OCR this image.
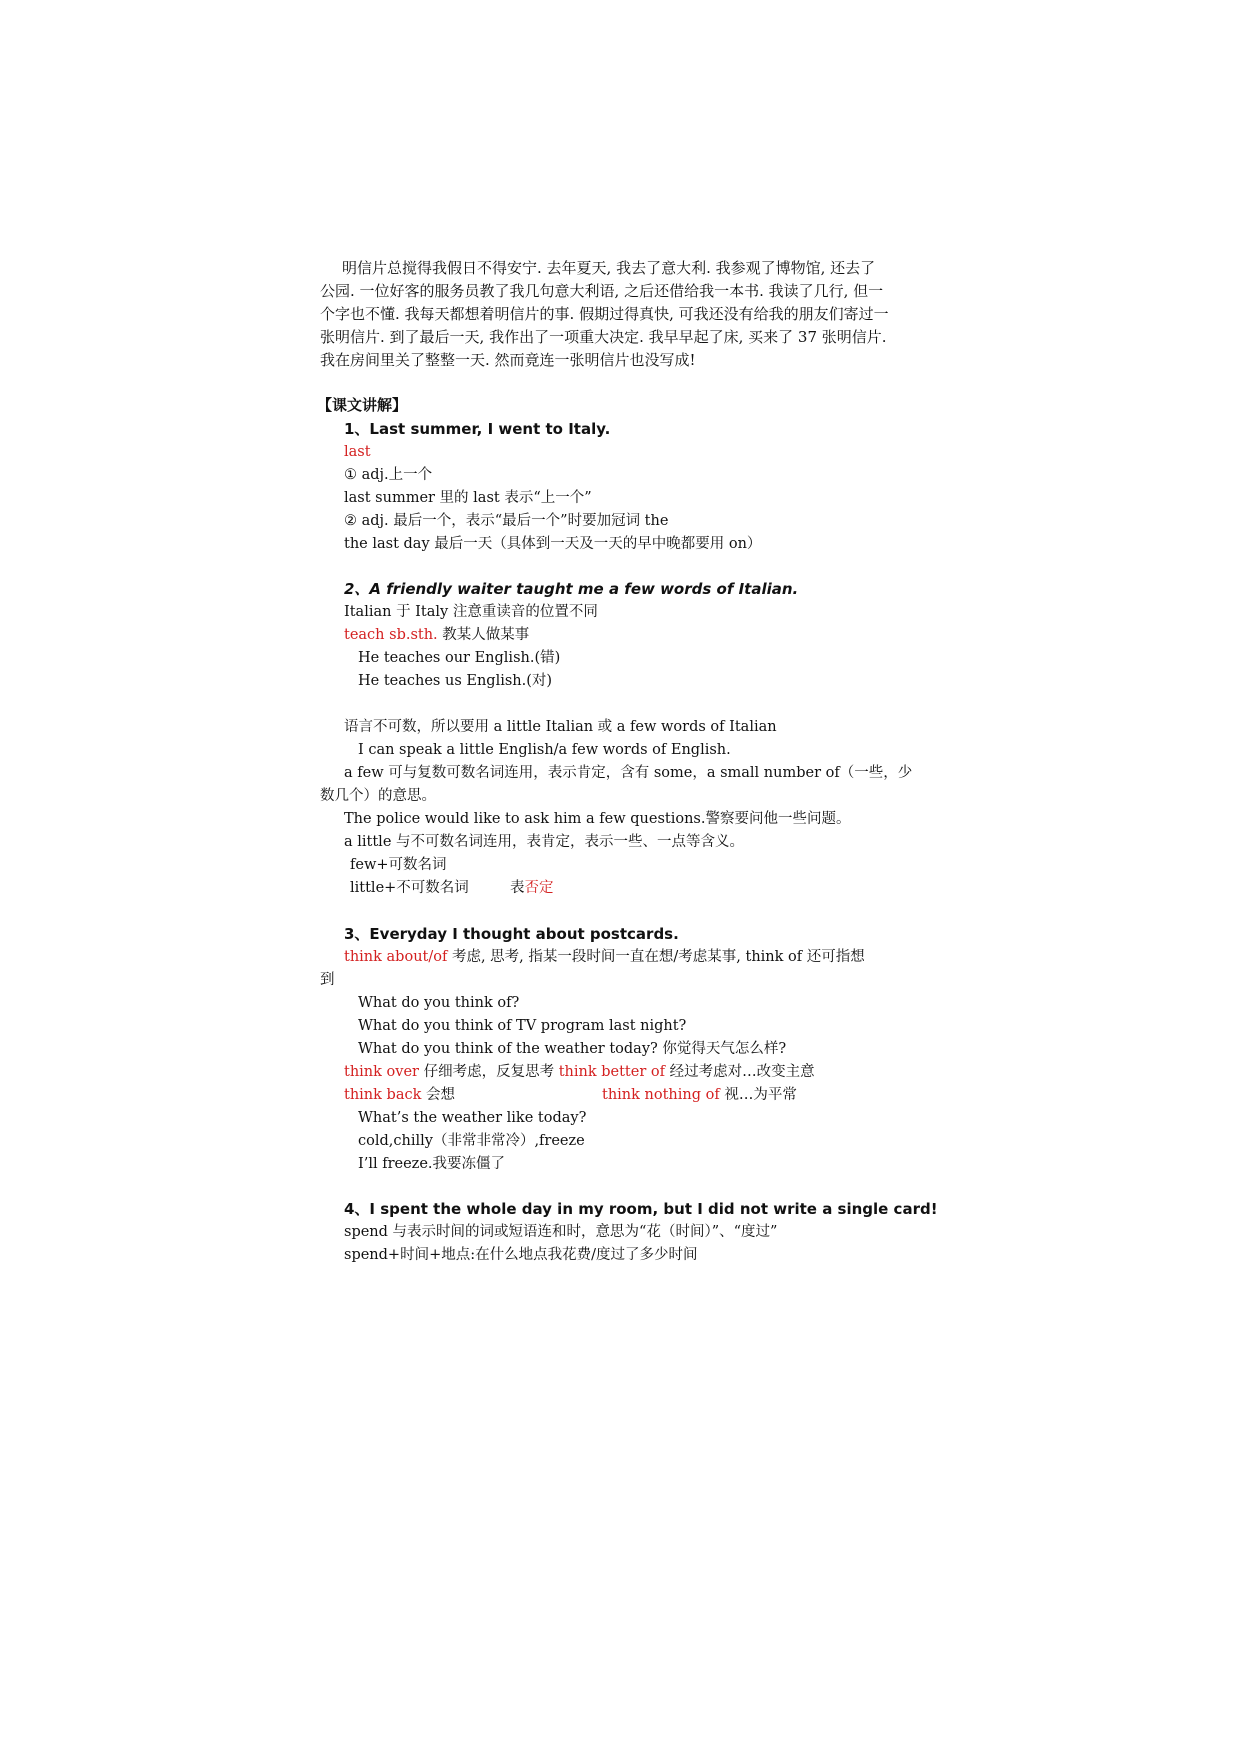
明信片总搅得我假日不得安宁. 去年夏天, 我去了意大利. 我参观了博物馆, 还去了

公园. 一位好客的服务员教了我几句意大利语, 之后还借给我一本书. 我读了几行, 但一

个字也不懂. 我每天都想着明信片的事. 假期过得真快, 可我还没有给我的朋友们寄过一

张明信片. 到了最后一天, 我作出了一项重大决定. 我早早起了床, 买来了 37 张明信片.

我在房间里关了整整一天. 然而竟连一张明信片也没写成!

【课文讲解】
1、Last summer, I went to Italy.
last
① adj.上一个
last summer 里的 last 表示“上一个”
② adj. 最后一个，表示“最后一个”时要加冠词 the
the last day 最后一天（具体到一天及一天的早中晚都要用 on）
2、A friendly waiter taught me a few words of Italian.
Italian 于 Italy 注意重读音的位置不同
teach sb.sth. 教某人做某事
He teaches our English.(错)
He teaches us English.(对)
语言不可数，所以要用 a little Italian 或 a few words of Italian
I can speak a little English/a few words of English.
a few 可与复数可数名词连用，表示肯定，含有 some，a small number of（一些，少
数几个）的意思。
The police would like to ask him a few questions.警察要问他一些问题。
a little 与不可数名词连用，表肯定，表示一些、一点等含义。
few+可数名词
little+不可数名词	表否定
3、Everyday I thought about postcards.
think about/of 考虑, 思考, 指某一段时间一直在想/考虑某事, think of 还可指想
到
What do you think of?
What do you think of TV program last night?
What do you think of the weather today? 你觉得天气怎么样?
think over 仔细考虑，反复思考 think better of 经过考虑对…改变主意
think back 会想	think nothing of 视…为平常
What’s the weather like today?
cold,chilly（非常非常冷）,freeze
I’ll freeze.我要冻僵了
4、I spent the whole day in my room, but I did not write a single card!
spend 与表示时间的词或短语连和时，意思为“花（时间）”、“度过”
spend+时间+地点:在什么地点我花费/度过了多少时间
